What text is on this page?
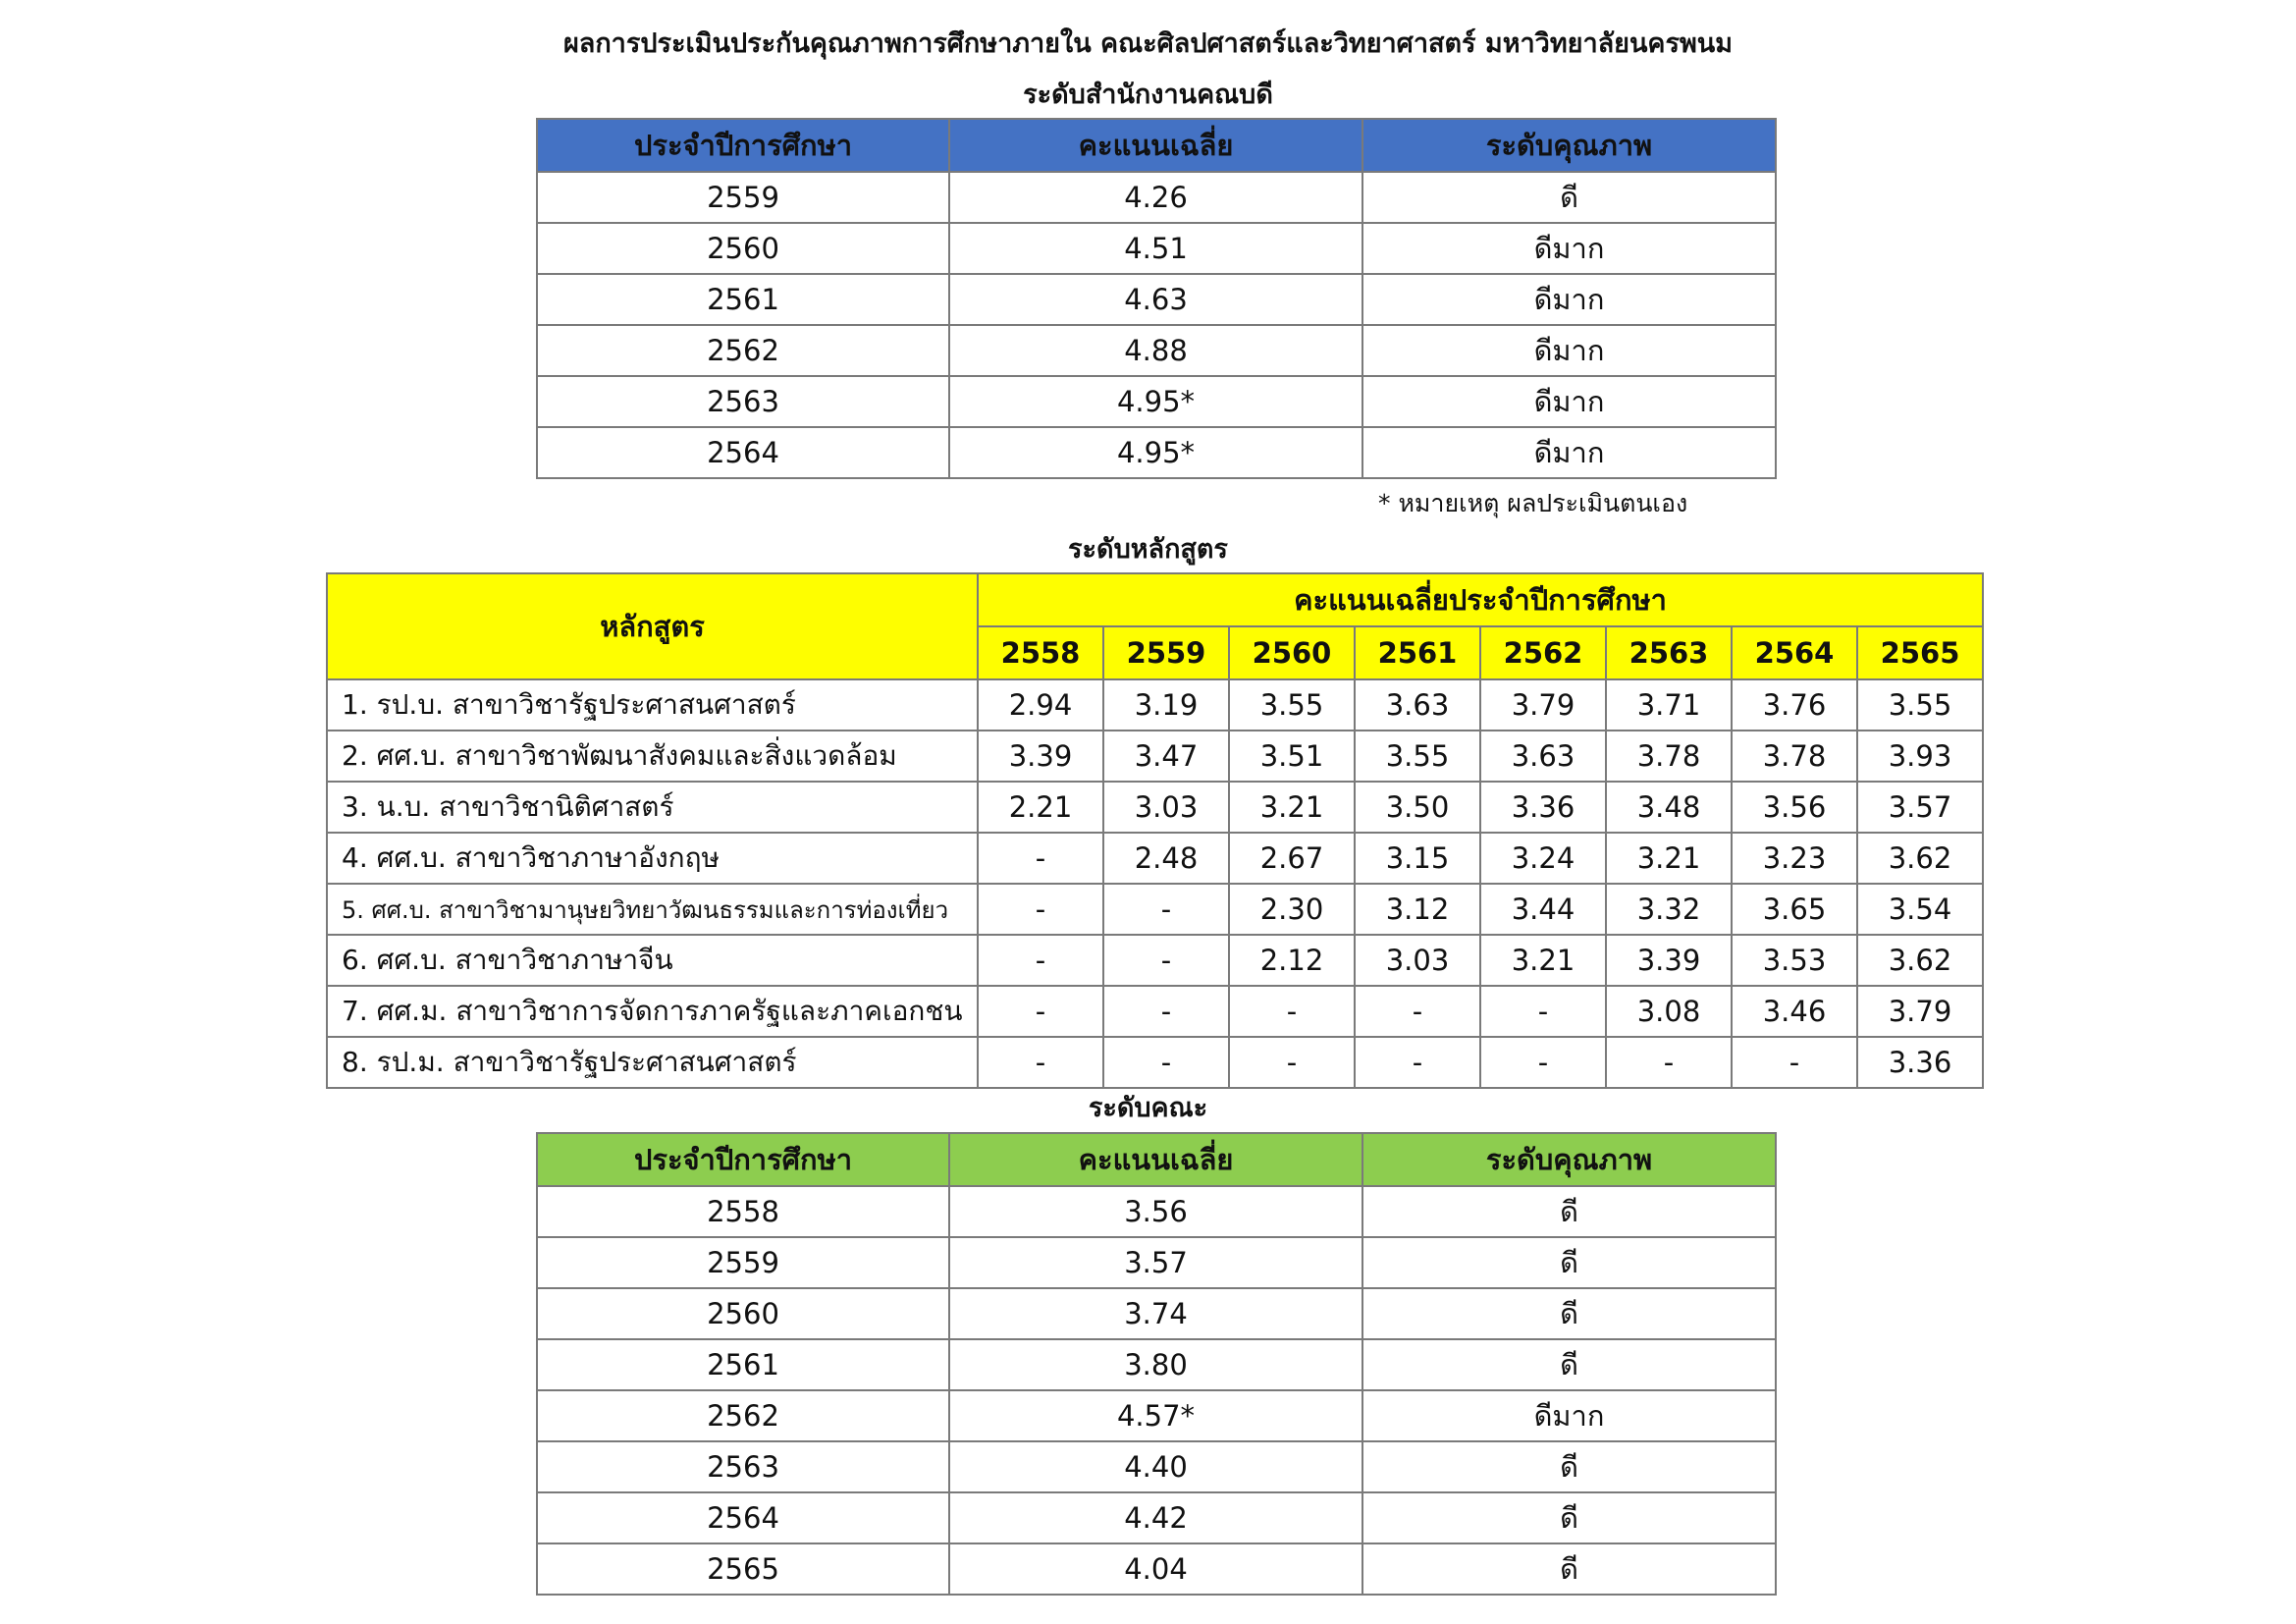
ผลการประเมินประกันคุณภาพการศึกษาภายใน คณะศิลปศาสตร์และวิทยาศาสตร์ มหาวิทยาลัยนครพนม
ระดับสำนักงานคณบดี
ประจำปีการศึกษา	คะแนนเฉลี่ย	ระดับคุณภาพ
2559	4.26	ดี
2560	4.51	ดีมาก
2561	4.63	ดีมาก
2562	4.88	ดีมาก
2563	4.95*	ดีมาก
2564	4.95*	ดีมาก
* หมายเหตุ ผลประเมินตนเอง
ระดับหลักสูตร
หลักสูตร	คะแนนเฉลี่ยประจำปีการศึกษา							
	2558	2559	2560	2561	2562	2563	2564	2565
1. รป.บ. สาขาวิชารัฐประศาสนศาสตร์	2.94	3.19	3.55	3.63	3.79	3.71	3.76	3.55
2. ศศ.บ. สาขาวิชาพัฒนาสังคมและสิ่งแวดล้อม	3.39	3.47	3.51	3.55	3.63	3.78	3.78	3.93
3. น.บ. สาขาวิชานิติศาสตร์	2.21	3.03	3.21	3.50	3.36	3.48	3.56	3.57
4. ศศ.บ. สาขาวิชาภาษาอังกฤษ	-	2.48	2.67	3.15	3.24	3.21	3.23	3.62
5. ศศ.บ. สาขาวิชามานุษยวิทยาวัฒนธรรมและการท่องเที่ยว	-	-	2.30	3.12	3.44	3.32	3.65	3.54
6. ศศ.บ. สาขาวิชาภาษาจีน	-	-	2.12	3.03	3.21	3.39	3.53	3.62
7. ศศ.ม. สาขาวิชาการจัดการภาครัฐและภาคเอกชน	-	-	-	-	-	3.08	3.46	3.79
8. รป.ม. สาขาวิชารัฐประศาสนศาสตร์	-	-	-	-	-	-	-	3.36
ระดับคณะ
ประจำปีการศึกษา	คะแนนเฉลี่ย	ระดับคุณภาพ
2558	3.56	ดี
2559	3.57	ดี
2560	3.74	ดี
2561	3.80	ดี
2562	4.57*	ดีมาก
2563	4.40	ดี
2564	4.42	ดี
2565	4.04	ดี
